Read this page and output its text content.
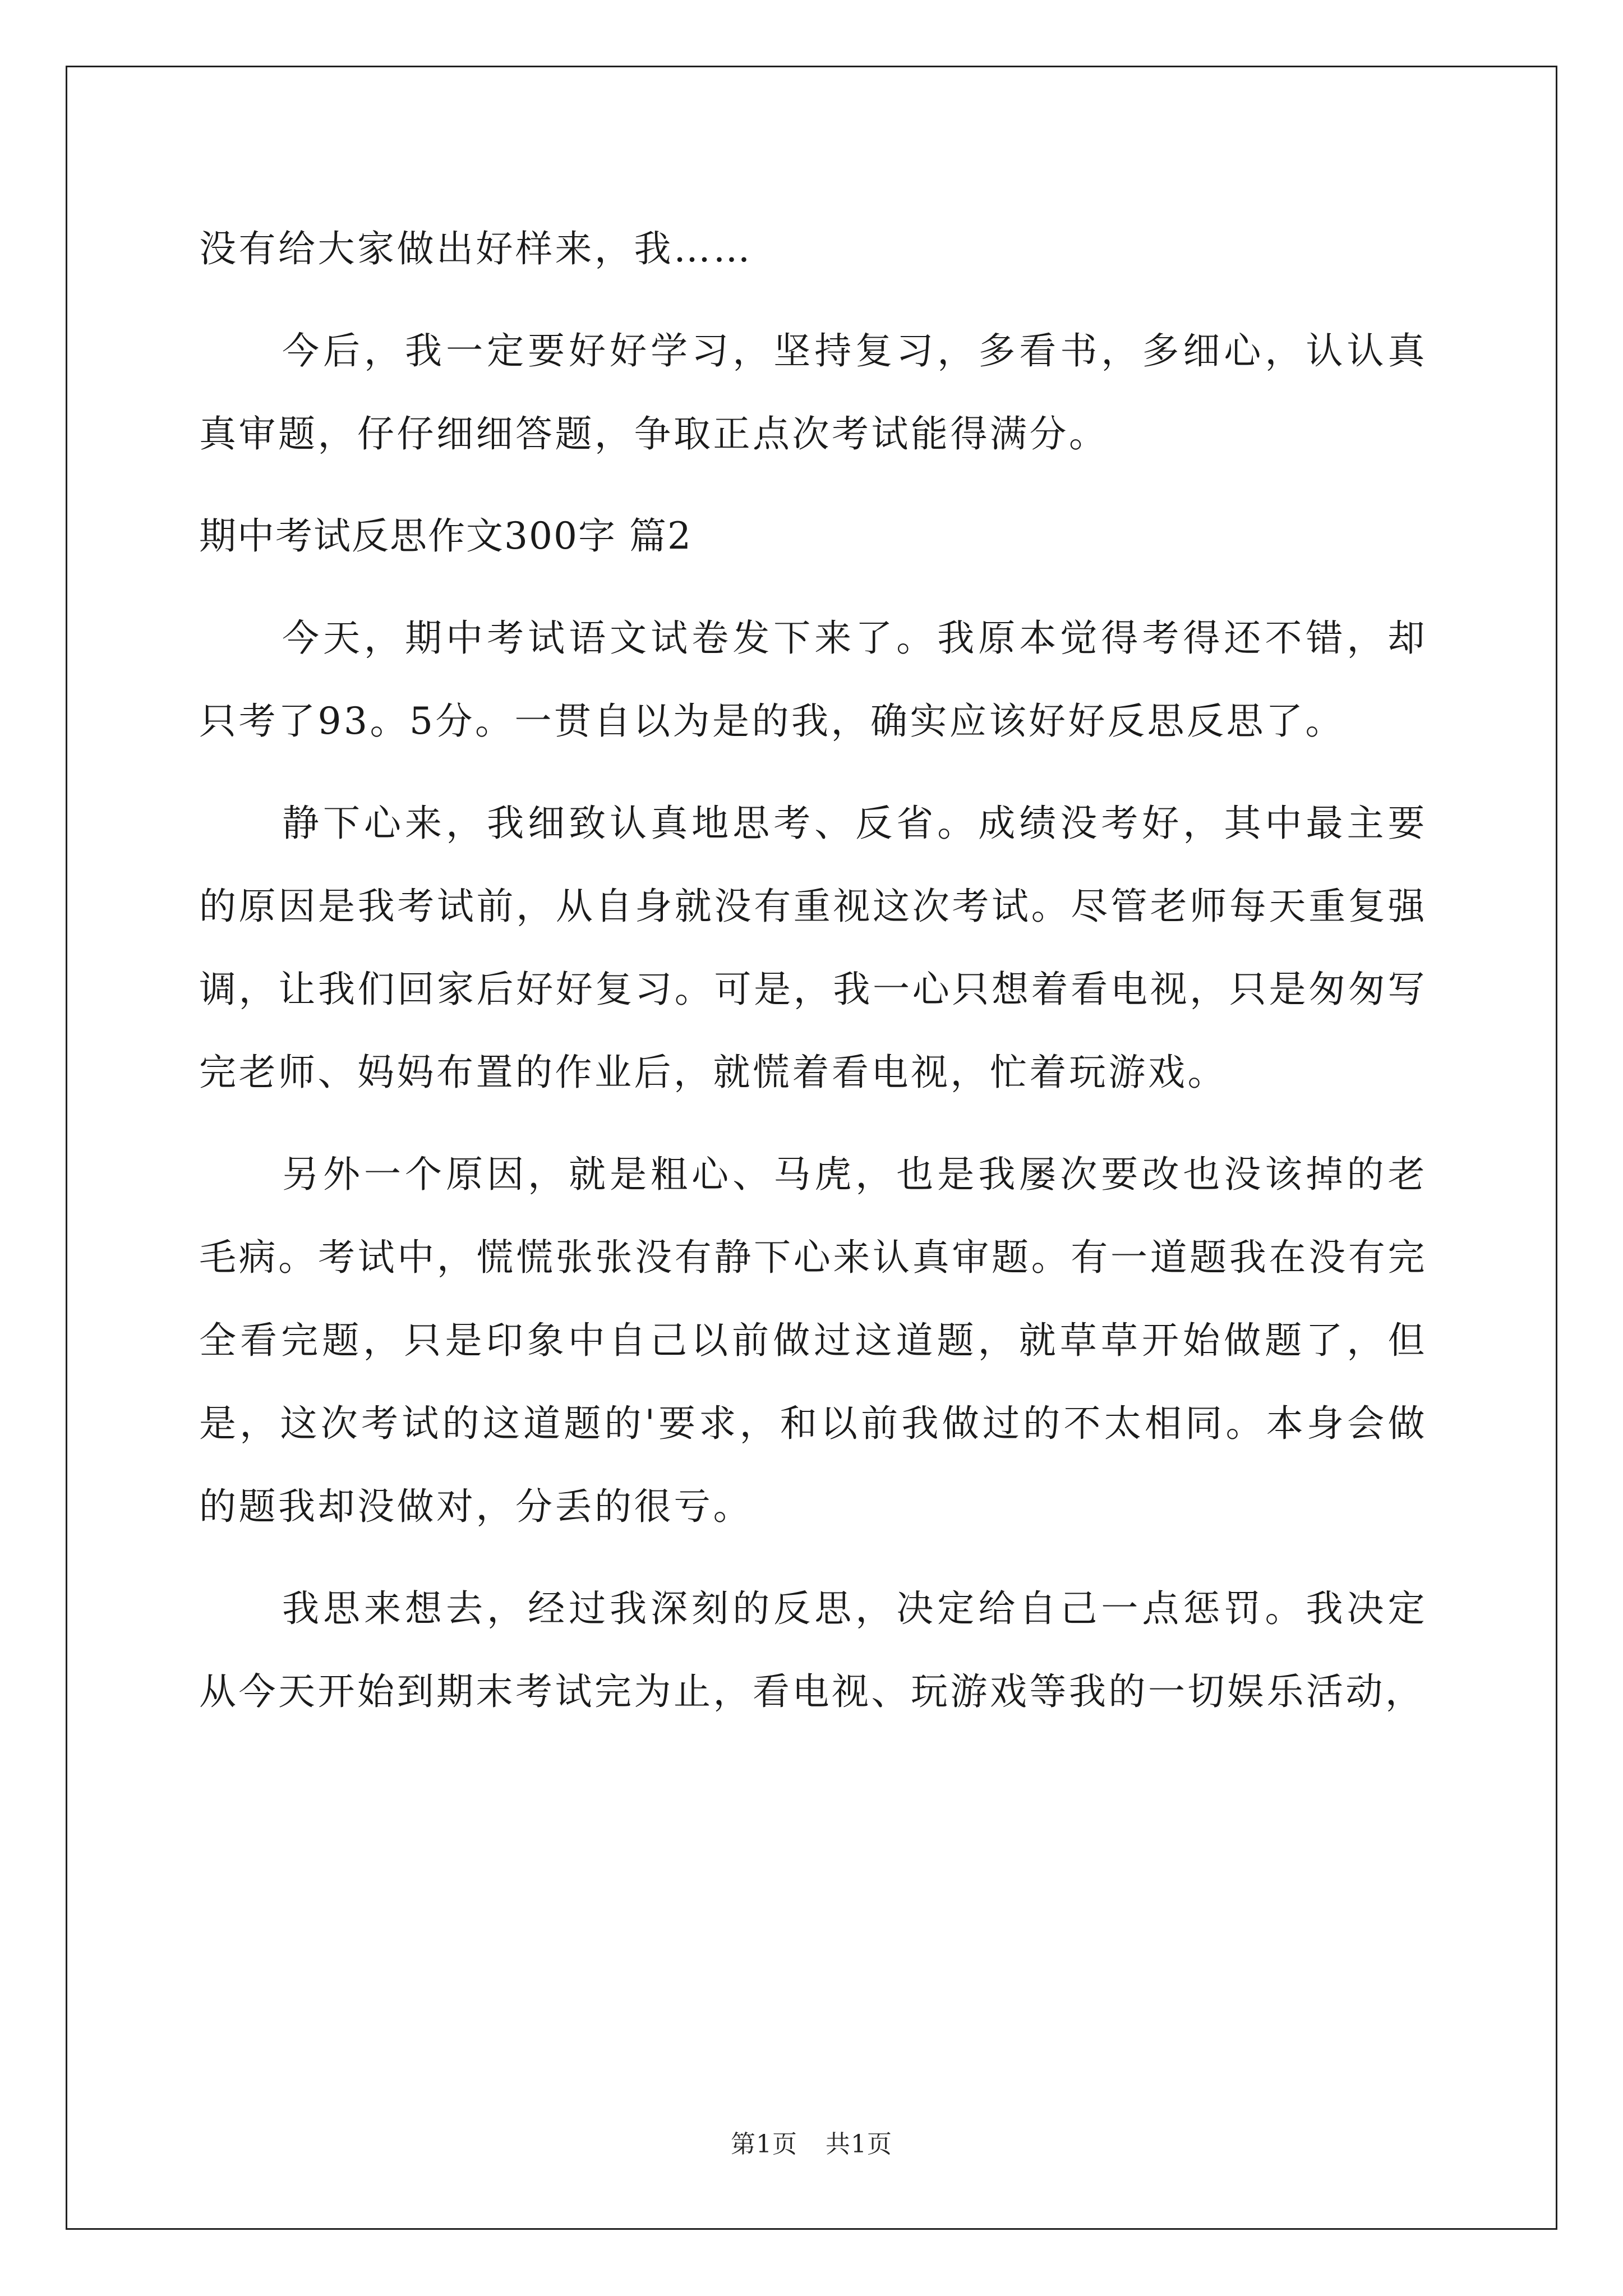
没有给大家做出好样来，我……

今后，我一定要好好学习，坚持复习，多看书，多细心，认认真真审题，仔仔细细答题，争取正点次考试能得满分。

期中考试反思作文300字 篇2

今天，期中考试语文试卷发下来了。我原本觉得考得还不错，却只考了93。5分。一贯自以为是的我，确实应该好好反思反思了。

静下心来，我细致认真地思考、反省。成绩没考好，其中最主要的原因是我考试前，从自身就没有重视这次考试。尽管老师每天重复强调，让我们回家后好好复习。可是，我一心只想着看电视，只是匆匆写完老师、妈妈布置的作业后，就慌着看电视，忙着玩游戏。

另外一个原因，就是粗心、马虎，也是我屡次要改也没该掉的老毛病。考试中，慌慌张张没有静下心来认真审题。有一道题我在没有完全看完题，只是印象中自己以前做过这道题，就草草开始做题了，但是，这次考试的这道题的'要求，和以前我做过的不太相同。本身会做的题我却没做对，分丢的很亏。

我思来想去，经过我深刻的反思，决定给自己一点惩罚。我决定从今天开始到期末考试完为止，看电视、玩游戏等我的一切娱乐活动，

第1页 共1页
